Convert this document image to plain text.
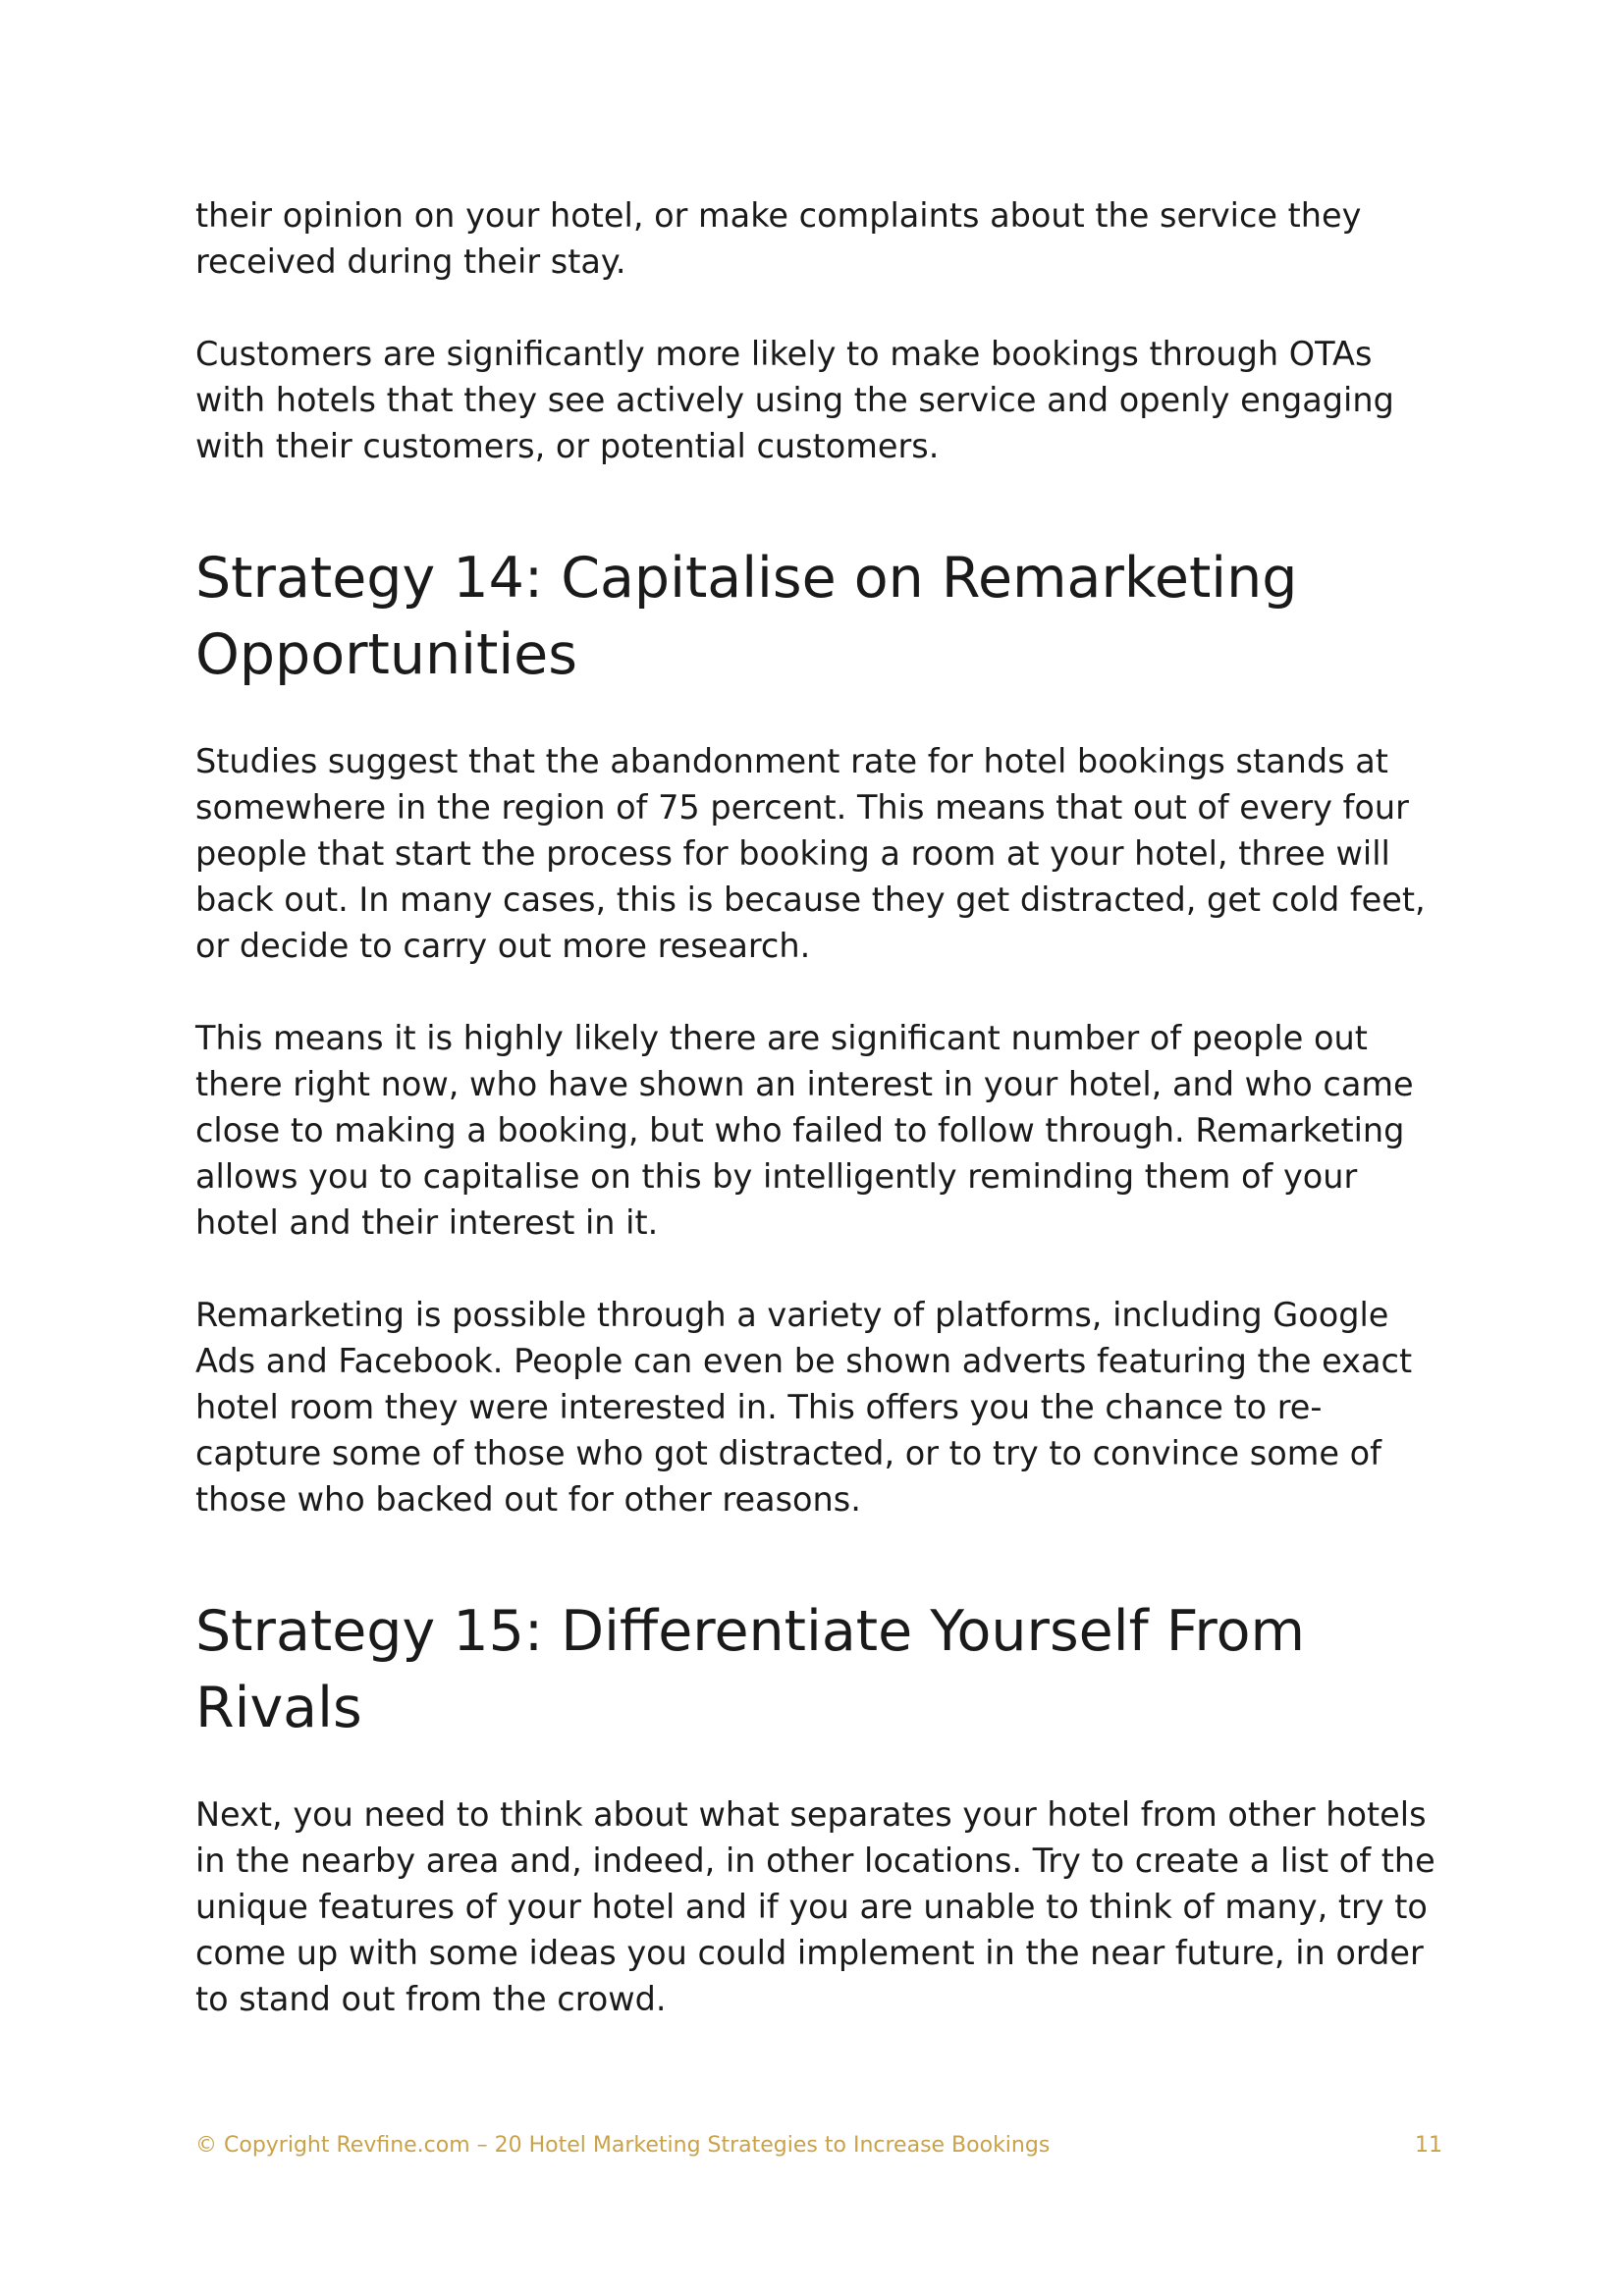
their opinion on your hotel, or make complaints about the service they received during their stay.

Customers are significantly more likely to make bookings through OTAs with hotels that they see actively using the service and openly engaging with their customers, or potential customers.

Strategy 14: Capitalise on Remarketing Opportunities

Studies suggest that the abandonment rate for hotel bookings stands at somewhere in the region of 75 percent. This means that out of every four people that start the process for booking a room at your hotel, three will back out. In many cases, this is because they get distracted, get cold feet, or decide to carry out more research.

This means it is highly likely there are significant number of people out there right now, who have shown an interest in your hotel, and who came close to making a booking, but who failed to follow through. Remarketing allows you to capitalise on this by intelligently reminding them of your hotel and their interest in it.

Remarketing is possible through a variety of platforms, including Google Ads and Facebook. People can even be shown adverts featuring the exact hotel room they were interested in. This offers you the chance to re-capture some of those who got distracted, or to try to convince some of those who backed out for other reasons.

Strategy 15: Differentiate Yourself From Rivals

Next, you need to think about what separates your hotel from other hotels in the nearby area and, indeed, in other locations. Try to create a list of the unique features of your hotel and if you are unable to think of many, try to come up with some ideas you could implement in the near future, in order to stand out from the crowd.

© Copyright Revfine.com – 20 Hotel Marketing Strategies to Increase Bookings	11
